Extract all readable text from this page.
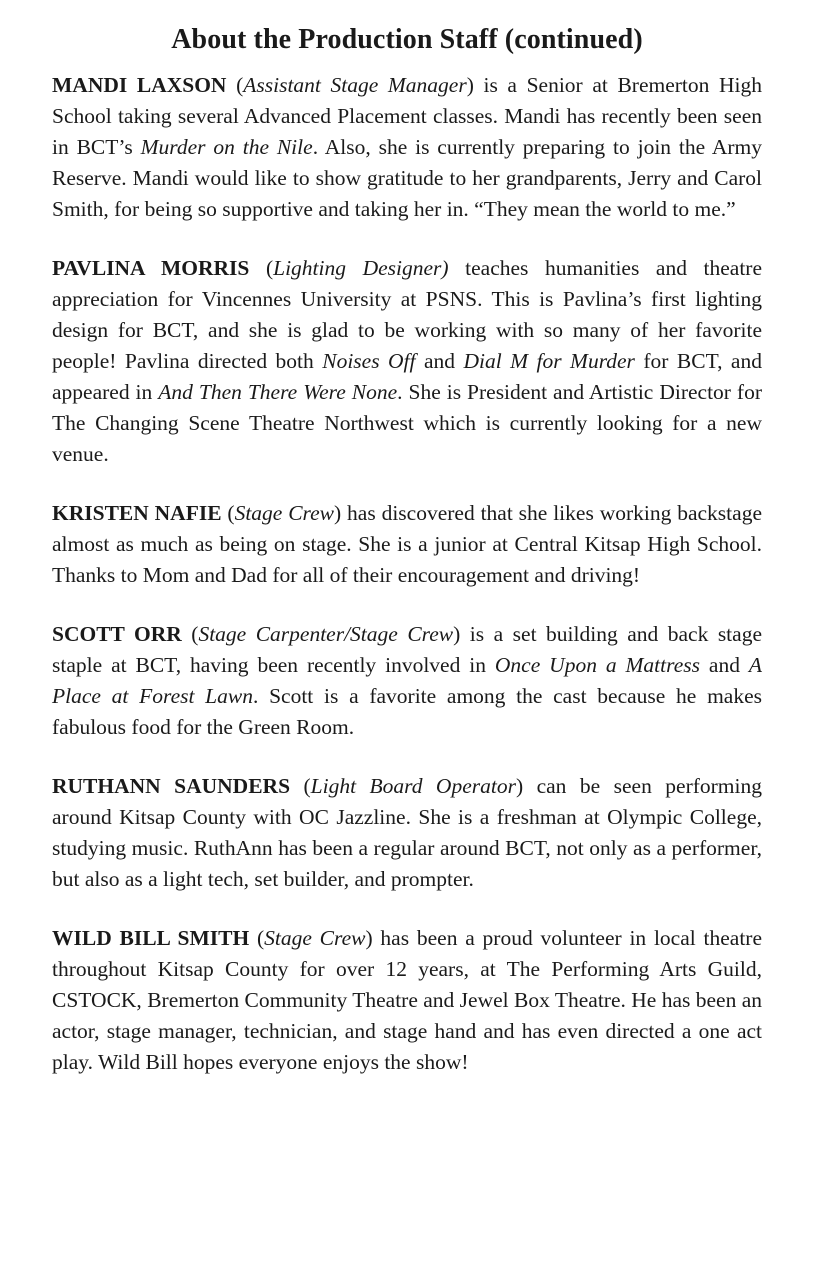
About the Production Staff (continued)

MANDI LAXSON (Assistant Stage Manager) is a Senior at Bremerton High School taking several Advanced Placement classes. Mandi has recently been seen in BCT’s Murder on the Nile. Also, she is currently preparing to join the Army Reserve. Mandi would like to show gratitude to her grandparents, Jerry and Carol Smith, for being so supportive and taking her in. “They mean the world to me.”

PAVLINA MORRIS (Lighting Designer) teaches humanities and theatre appreciation for Vincennes University at PSNS. This is Pavlina’s first lighting design for BCT, and she is glad to be working with so many of her favorite people! Pavlina directed both Noises Off and Dial M for Murder for BCT, and appeared in And Then There Were None. She is President and Artistic Director for The Changing Scene Theatre Northwest which is currently looking for a new venue.

KRISTEN NAFIE (Stage Crew) has discovered that she likes working backstage almost as much as being on stage. She is a junior at Central Kitsap High School. Thanks to Mom and Dad for all of their encouragement and driving!

SCOTT ORR (Stage Carpenter/Stage Crew) is a set building and back stage staple at BCT, having been recently involved in Once Upon a Mattress and A Place at Forest Lawn. Scott is a favorite among the cast because he makes fabulous food for the Green Room.

RUTHANN SAUNDERS (Light Board Operator) can be seen performing around Kitsap County with OC Jazzline. She is a freshman at Olympic College, studying music. RuthAnn has been a regular around BCT, not only as a performer, but also as a light tech, set builder, and prompter.

WILD BILL SMITH (Stage Crew) has been a proud volunteer in local theatre throughout Kitsap County for over 12 years, at The Performing Arts Guild, CSTOCK, Bremerton Community Theatre and Jewel Box Theatre. He has been an actor, stage manager, technician, and stage hand and has even directed a one act play. Wild Bill hopes everyone enjoys the show!
